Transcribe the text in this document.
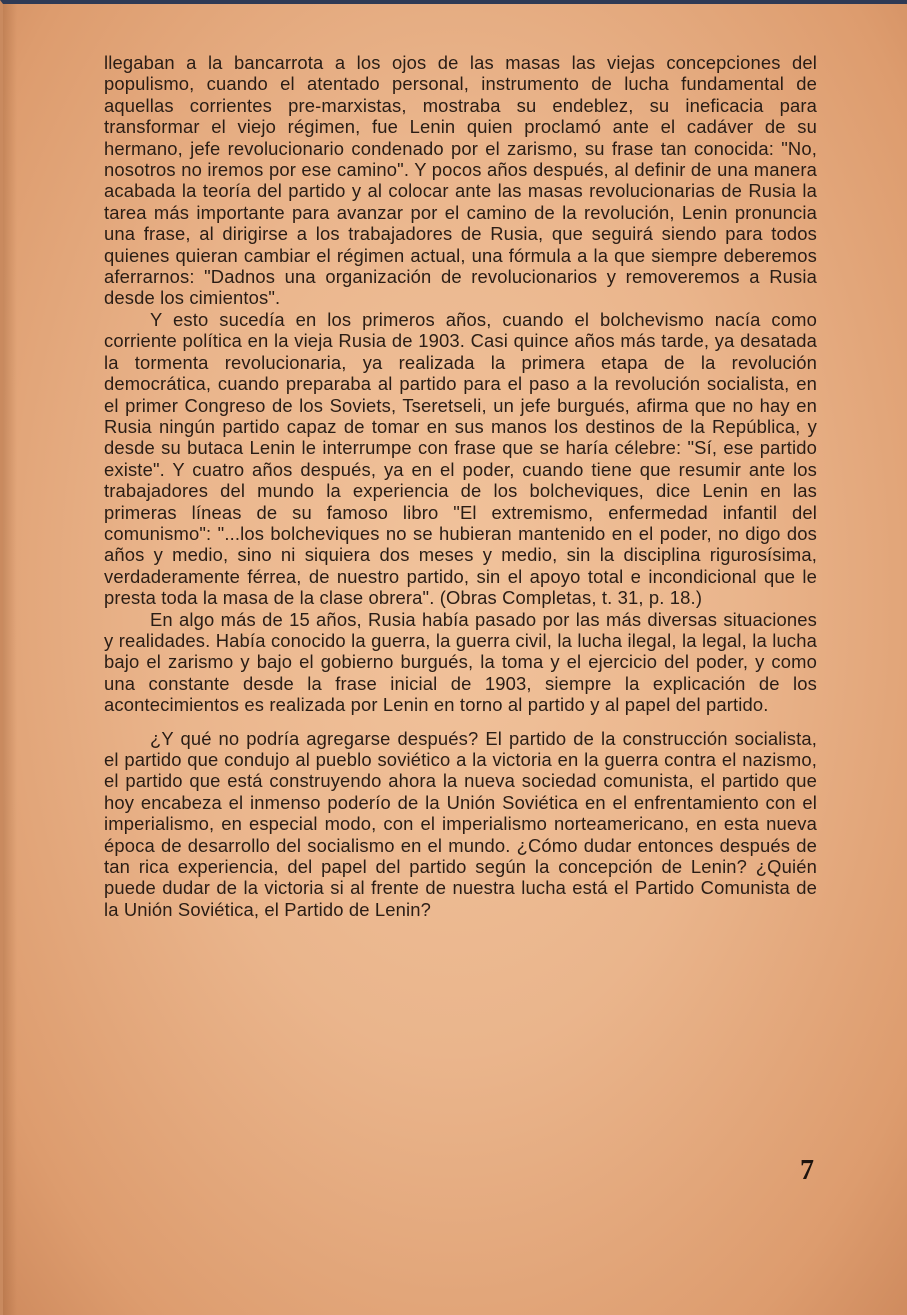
llegaban a la bancarrota a los ojos de las masas las viejas concepciones del populismo, cuando el atentado personal, instrumento de lucha fundamental de aquellas corrientes pre-marxistas, mostraba su endeblez, su ineficacia para transformar el viejo régimen, fue Lenin quien proclamó ante el cadáver de su hermano, jefe revolucionario condenado por el zarismo, su frase tan conocida: "No, nosotros no iremos por ese camino". Y pocos años después, al definir de una manera acabada la teoría del partido y al colocar ante las masas revolucionarias de Rusia la tarea más importante para avanzar por el camino de la revolución, Lenin pronuncia una frase, al dirigirse a los trabajadores de Rusia, que seguirá siendo para todos quienes quieran cambiar el régimen actual, una fórmula a la que siempre deberemos aferrarnos: "Dadnos una organización de revolucionarios y removeremos a Rusia desde los cimientos".

Y esto sucedía en los primeros años, cuando el bolchevismo nacía como corriente política en la vieja Rusia de 1903. Casi quince años más tarde, ya desatada la tormenta revolucionaria, ya realizada la primera etapa de la revolución democrática, cuando preparaba al partido para el paso a la revolución socialista, en el primer Congreso de los Soviets, Tseretseli, un jefe burgués, afirma que no hay en Rusia ningún partido capaz de tomar en sus manos los destinos de la República, y desde su butaca Lenin le interrumpe con frase que se haría célebre: "Sí, ese partido existe". Y cuatro años después, ya en el poder, cuando tiene que resumir ante los trabajadores del mundo la experiencia de los bolcheviques, dice Lenin en las primeras líneas de su famoso libro "El extremismo, enfermedad infantil del comunismo": "...los bolcheviques no se hubieran mantenido en el poder, no digo dos años y medio, sino ni siquiera dos meses y medio, sin la disciplina rigurosísima, verdaderamente férrea, de nuestro partido, sin el apoyo total e incondicional que le presta toda la masa de la clase obrera". (Obras Completas, t. 31, p. 18.)

En algo más de 15 años, Rusia había pasado por las más diversas situaciones y realidades. Había conocido la guerra, la guerra civil, la lucha ilegal, la legal, la lucha bajo el zarismo y bajo el gobierno burgués, la toma y el ejercicio del poder, y como una constante desde la frase inicial de 1903, siempre la explicación de los acontecimientos es realizada por Lenin en torno al partido y al papel del partido.

¿Y qué no podría agregarse después? El partido de la construcción socialista, el partido que condujo al pueblo soviético a la victoria en la guerra contra el nazismo, el partido que está construyendo ahora la nueva sociedad comunista, el partido que hoy encabeza el inmenso poderío de la Unión Soviética en el enfrentamiento con el imperialismo, en especial modo, con el imperialismo norteamericano, en esta nueva época de desarrollo del socialismo en el mundo. ¿Cómo dudar entonces después de tan rica experiencia, del papel del partido según la concepción de Lenin? ¿Quién puede dudar de la victoria si al frente de nuestra lucha está el Partido Comunista de la Unión Soviética, el Partido de Lenin?

7
